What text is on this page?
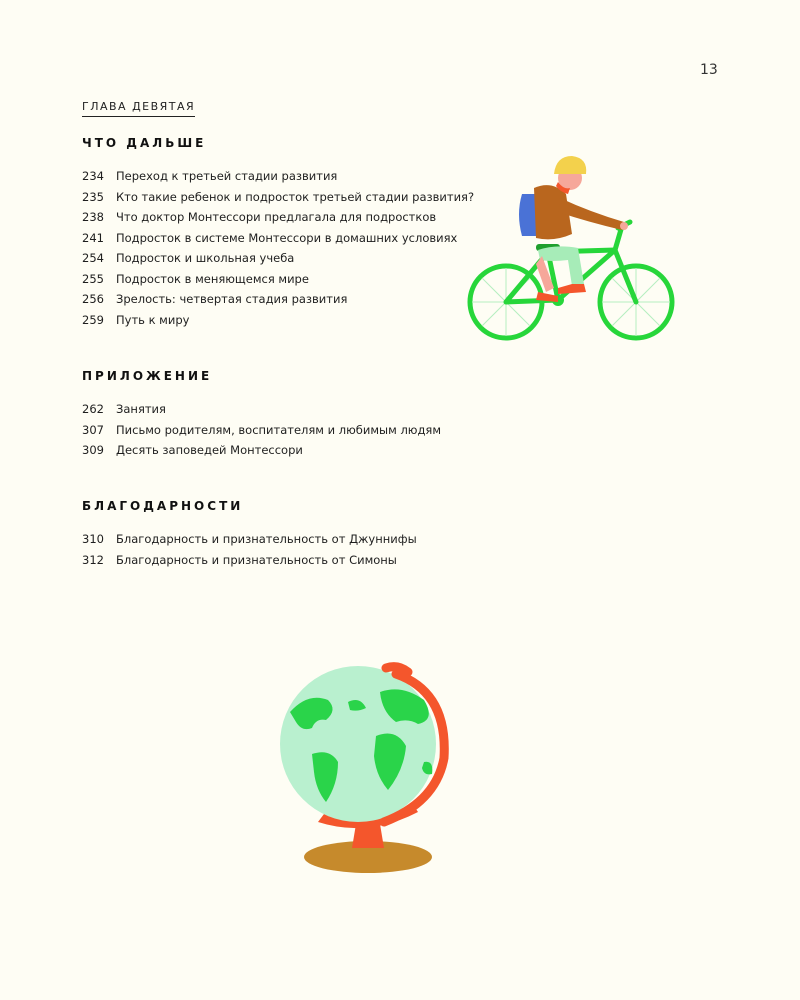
13
ГЛАВА ДЕВЯТАЯ
ЧТО ДАЛЬШЕ
234 Переход к третьей стадии развития
235 Кто такие ребенок и подросток третьей стадии развития?
238 Что доктор Монтессори предлагала для подростков
241 Подросток в системе Монтессори в домашних условиях
254 Подросток и школьная учеба
255 Подросток в меняющемся мире
256 Зрелость: четвертая стадия развития
259 Путь к миру
ПРИЛОЖЕНИЕ
262 Занятия
307 Письмо родителям, воспитателям и любимым людям
309 Десять заповедей Монтессори
БЛАГОДАРНОСТИ
310 Благодарность и признательность от Джуннифы
312 Благодарность и признательность от Симоны
